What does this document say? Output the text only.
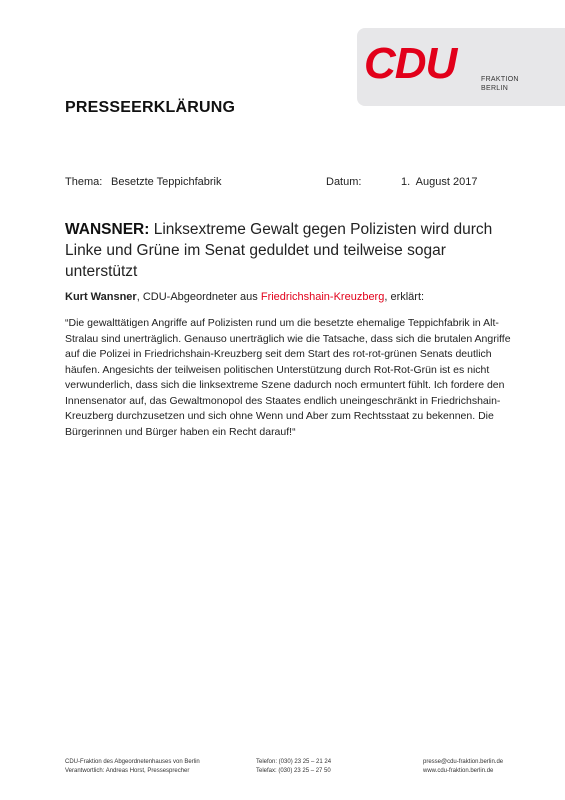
CDU	FRAKTION
BERLIN
PRESSEERKLÄRUNG
Thema: Besetzte Teppichfabrik	Datum:	1.  August 2017
WANSNER: Linksextreme Gewalt gegen Polizisten wird durch Linke und Grüne im Senat geduldet und teilweise sogar unterstützt

Kurt Wansner, CDU-Abgeordneter aus Friedrichshain-Kreuzberg, erklärt:

“Die gewalttätigen Angriffe auf Polizisten rund um die besetzte ehemalige Teppichfabrik in Alt-Stralau sind unerträglich. Genauso unerträglich wie die Tatsache, dass sich die brutalen Angriffe auf die Polizei in Friedrichshain-Kreuzberg seit dem Start des rot-rot-grünen Senats deutlich häufen. Angesichts der teilweisen politischen Unterstützung durch Rot-Rot-Grün ist es nicht verwunderlich, dass sich die linksextreme Szene dadurch noch ermuntert fühlt. Ich fordere den Innensenator auf, das Gewaltmonopol des Staates endlich uneingeschränkt in Friedrichshain-Kreuzberg durchzusetzen und sich ohne Wenn und Aber zum Rechtsstaat zu bekennen. Die Bürgerinnen und Bürger haben ein Recht darauf!“

CDU-Fraktion des Abgeordnetenhauses von Berlin
Verantwortlich: Andreas Horst, Pressesprecher
Telefon: (030) 23 25 – 21 24
Telefax: (030) 23 25 – 27 50
presse@cdu-fraktion.berlin.de
www.cdu-fraktion.berlin.de
